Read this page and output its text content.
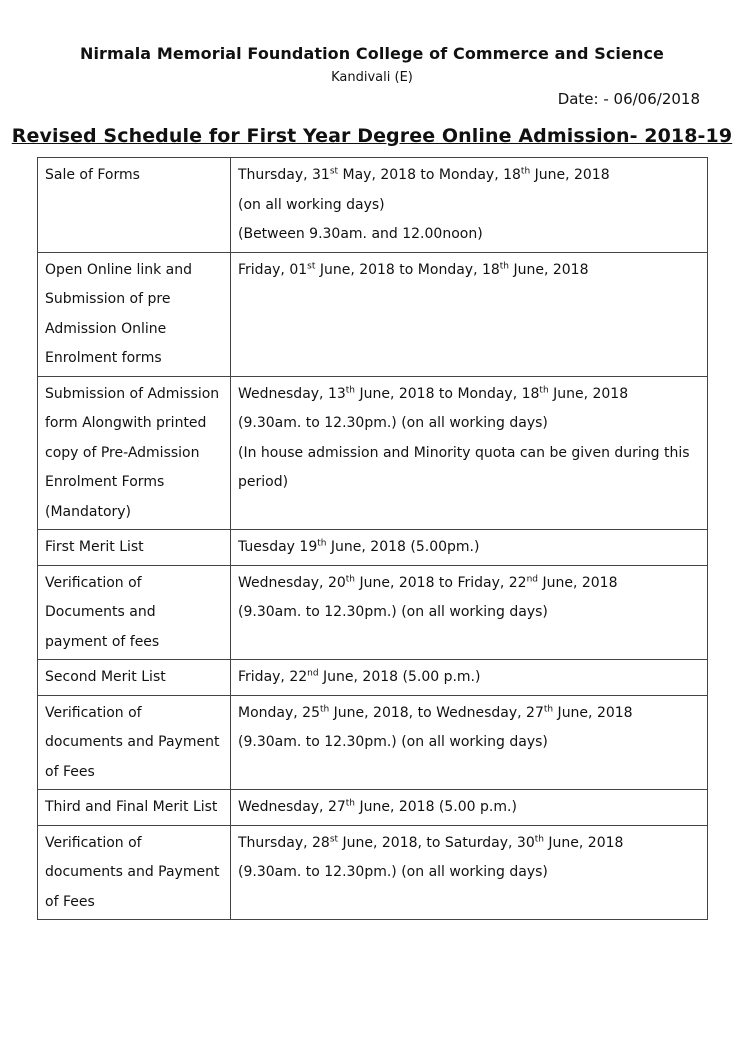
Nirmala Memorial Foundation College of Commerce and Science
Kandivali (E)
Date: - 06/06/2018
Revised Schedule for First Year Degree Online Admission- 2018-19
Sale of Forms	Thursday, 31st May, 2018 to Monday, 18th June, 2018
(on all working days)
(Between 9.30am. and 12.00noon)

Open Online link and
Submission of pre
Admission Online
Enrolment forms	Friday, 01st June, 2018 to Monday, 18th June, 2018

Submission of Admission
form Alongwith printed
copy of Pre-Admission
Enrolment Forms
(Mandatory)	Wednesday, 13th June, 2018 to Monday, 18th June, 2018
(9.30am. to 12.30pm.) (on all working days)
(In house admission and Minority quota can be given during this period)

First Merit List	Tuesday 19th June, 2018 (5.00pm.)

Verification of
Documents and
payment of fees	Wednesday, 20th June, 2018 to Friday, 22nd June, 2018
(9.30am. to 12.30pm.) (on all working days)

Second Merit List	Friday, 22nd June, 2018 (5.00 p.m.)

Verification of
documents and Payment
of Fees	Monday, 25th June, 2018, to Wednesday, 27th June, 2018
(9.30am. to 12.30pm.) (on all working days)

Third and Final Merit List	Wednesday, 27th June, 2018 (5.00 p.m.)

Verification of
documents and Payment
of Fees	Thursday, 28st June, 2018, to Saturday, 30th June, 2018
(9.30am. to 12.30pm.) (on all working days)
